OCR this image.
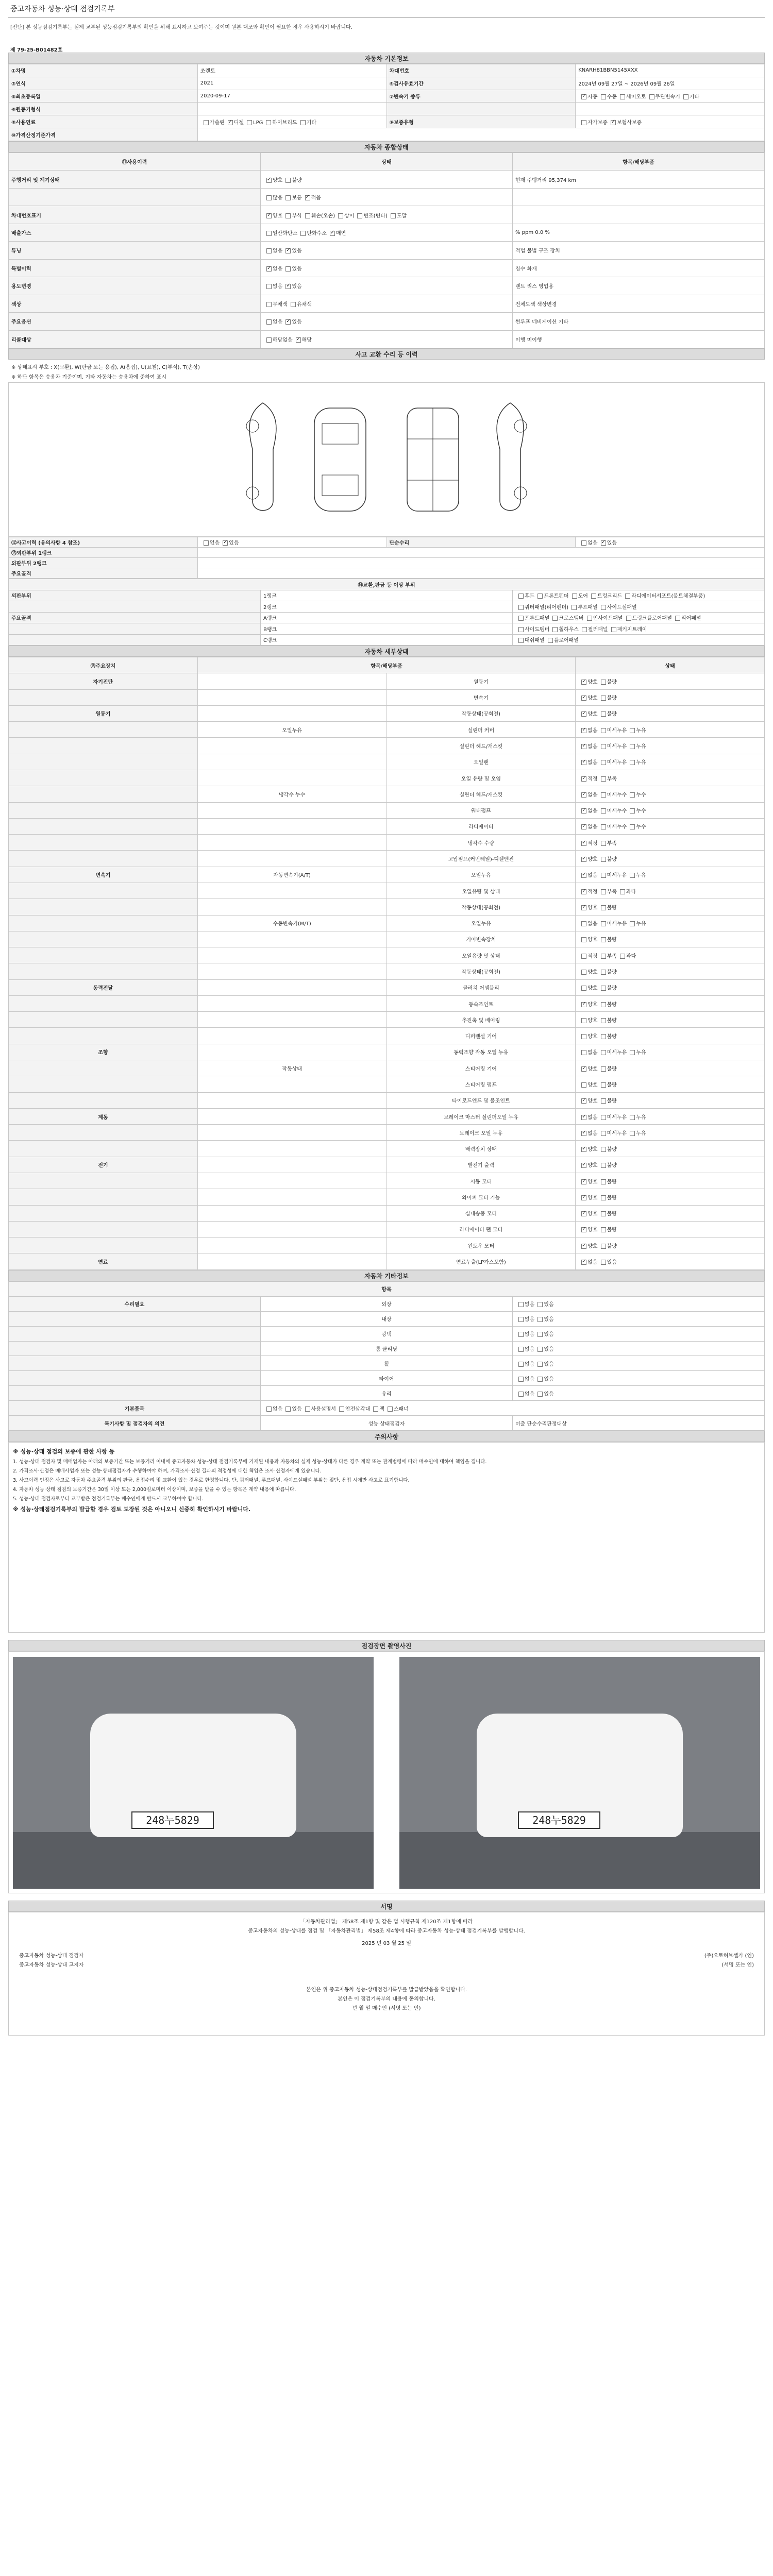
중고자동차 성능·상태 점검기록부
[진단] 본 성능점검기록부는 실제 교부된 성능점검기록부의 확인을 위해 표시하고 보여주는 것이며 원본 대조와 확인이 필요한 경우 사용하시기 바랍니다.
제 79-25-B01482호
자동차 기본정보
①차명	쏘렌토	차대번호	KNARH81BBN5145XXX
③연식	2021	④검사유효기간	2024년 09월 27일 ~ 2026년 09월 26일
⑤최초등록일	2020-09-17	⑦변속기 종류	✓자동 수동 세미오토 무단변속기 기타
⑥원동기형식			
⑧사용연료	가솔린 ✓ 디젤 LPG 하이브리드 기타	⑨보증유형	자가보증 ✓ 보험사보증
⑩가격산정기준가격			
자동차 종합상태
⑪사용이력	상태	항목/해당부품
주행거리 및 계기상태	✓양호 불량	현재 주행거리 95,374 km
	많음 보통 ✓ 적음	
차대번호표기	✓양호 부식 훼손(오손) 상이 변조(변타) 도말	
배출가스	일산화탄소 탄화수소 ✓ 매연	% ppm 0.0 %
튜닝	없음 ✓ 있음	적법 불법 구조 장치
특별이력	✓없음 있음	침수 화재
용도변경	없음 ✓ 있음	렌트 리스 영업용
색상	무채색 유채색	전체도색 색상변경
주요옵션	없음 ✓ 있음	썬루프 네비게이션 기타
리콜대상	해당없음 ✓ 해당	이행 미이행
사고 교환 수리 등 이력
※ 상태표시 부호 : X(교환), W(판금 또는 용접), A(흠집), U(요철), C(부식), T(손상)
※ 하단 항목은 승용차 기준이며, 기타 자동차는 승용차에 준하여 표시
⑫사고이력 (유의사항 4 참조)	없음 ✓ 있음	단순수리	없음 ✓ 있음
⑬외판부위 1랭크			
외판부위 2랭크			
주요골격			
⑭교환,판금 등 이상 부위		
외판부위	1랭크	후드 프론트펜더 도어 트렁크리드 라디에이터서포트(볼트체결부품)
	2랭크	쿼터패널(리어펜더) 루프패널 사이드실패널
주요골격	A랭크	프론트패널 크로스멤버 인사이드패널 트렁크플로어패널 리어패널
	B랭크	사이드멤버 휠하우스 필러패널 패키지트레이
	C랭크	대쉬패널 플로어패널
자동차 세부상태
⑮주요장치	항목/해당부품		상태
자기진단		원동기	✓양호 불량
		변속기	✓양호 불량
원동기		작동상태(공회전)	✓양호 불량
	오일누유	실린더 커버	✓없음 미세누유 누유
		실린더 헤드/개스킷	✓없음 미세누유 누유
		오일팬	✓없음 미세누유 누유
		오일 유량 및 오염	✓적정 부족
	냉각수 누수	실린더 헤드/개스킷	✓없음 미세누수 누수
		워터펌프	✓없음 미세누수 누수
		라디에이터	✓없음 미세누수 누수
		냉각수 수량	✓적정 부족
		고압펌프(커먼레일)-디젤엔진	✓양호 불량
변속기	자동변속기(A/T)	오일누유	✓없음 미세누유 누유
		오일유량 및 상태	✓적정 부족 과다
		작동상태(공회전)	✓양호 불량
	수동변속기(M/T)	오일누유	없음 미세누유 누유
		기어변속장치	양호 불량
		오일유량 및 상태	적정 부족 과다
		작동상태(공회전)	양호 불량
동력전달		클러치 어셈블리	양호 불량
		등속조인트	✓양호 불량
		추진축 및 베어링	양호 불량
		디퍼렌셜 기어	양호 불량
조향		동력조향 작동 오일 누유	없음 미세누유 누유
	작동상태	스티어링 기어	✓양호 불량
		스티어링 펌프	양호 불량
		타이로드엔드 및 볼조인트	✓양호 불량
제동		브레이크 마스터 실린더오일 누유	✓없음 미세누유 누유
		브레이크 오일 누유	✓없음 미세누유 누유
		배력장치 상태	✓양호 불량
전기		발전기 출력	✓양호 불량
		시동 모터	✓양호 불량
		와이퍼 모터 기능	✓양호 불량
		실내송풍 모터	✓양호 불량
		라디에이터 팬 모터	✓양호 불량
		윈도우 모터	✓양호 불량
연료		연료누출(LP가스포함)	✓없음 있음
자동차 기타정보
항목		
수리필요	외장	없음 있음
	내장	없음 있음
	광택	없음 있음
	룸 클리닝	없음 있음
	휠	없음 있음
	타이어	없음 있음
	유리	없음 있음
기본품목	없음 있음 사용설명서 안전삼각대 잭 스패너	
특기사항 및 점검자의 의견	성능·상태점검자	미출 단순수리판정대상
주의사항
※ 성능·상태 점검의 보증에 관한 사항 등

1. 성능·상태 점검자 및 매매업자는 아래의 보증기간 또는 보증거리 이내에 중고자동차 성능·상태 점검기록부에 기재된 내용과 자동차의 실제 성능·상태가 다른 경우 계약 또는 관계법령에 따라 매수인에 대하여 책임을 집니다.

2. 가격조사·산정은 매매사업자 또는 성능·상태점검자가 수행하여야 하며, 가격조사·산정 결과의 적정성에 대한 책임은 조사·산정자에게 있습니다.

3. 사고이력 인정은 사고로 자동차 주요골격 부위의 판금, 용접수리 및 교환이 있는 경우로 한정합니다. 단, 쿼터패널, 루프패널, 사이드실패널 부위는 절단, 용접 시에만 사고로 표기합니다.

4. 자동차 성능·상태 점검의 보증기간은 30일 이상 또는 2,000킬로미터 이상이며, 보증을 받을 수 있는 항목은 계약 내용에 따릅니다.

5. 성능·상태 점검자로부터 교부받은 점검기록부는 매수인에게 반드시 교부하여야 합니다.

※ 성능·상태점검기록부의 발급할 경우 검토 도장된 것은 아니오니 신중히 확인하시기 바랍니다.
점검장면 촬영사진
248누5829	248누5829
서명
「자동차관리법」 제58조 제1항 및 같은 법 시행규칙 제120조 제1항에 따라
중고자동차의 성능·상태를 점검 및 「자동차관리법」 제58조 제4항에 따라 중고자동차 성능·상태 점검기록부를 발행합니다.
2025 년 03 월 25 일
중고자동차 성능·상태 점검자	(주)오토허브셀카 (인)
중고자동차 성능·상태 고지자	(서명 또는 인)
본인은 위 중고자동차 성능·상태점검기록부를 발급받았음을 확인합니다.
본인은 이 점검기록부의 내용에 동의합니다.
년 월 일 매수인 (서명 또는 인)
